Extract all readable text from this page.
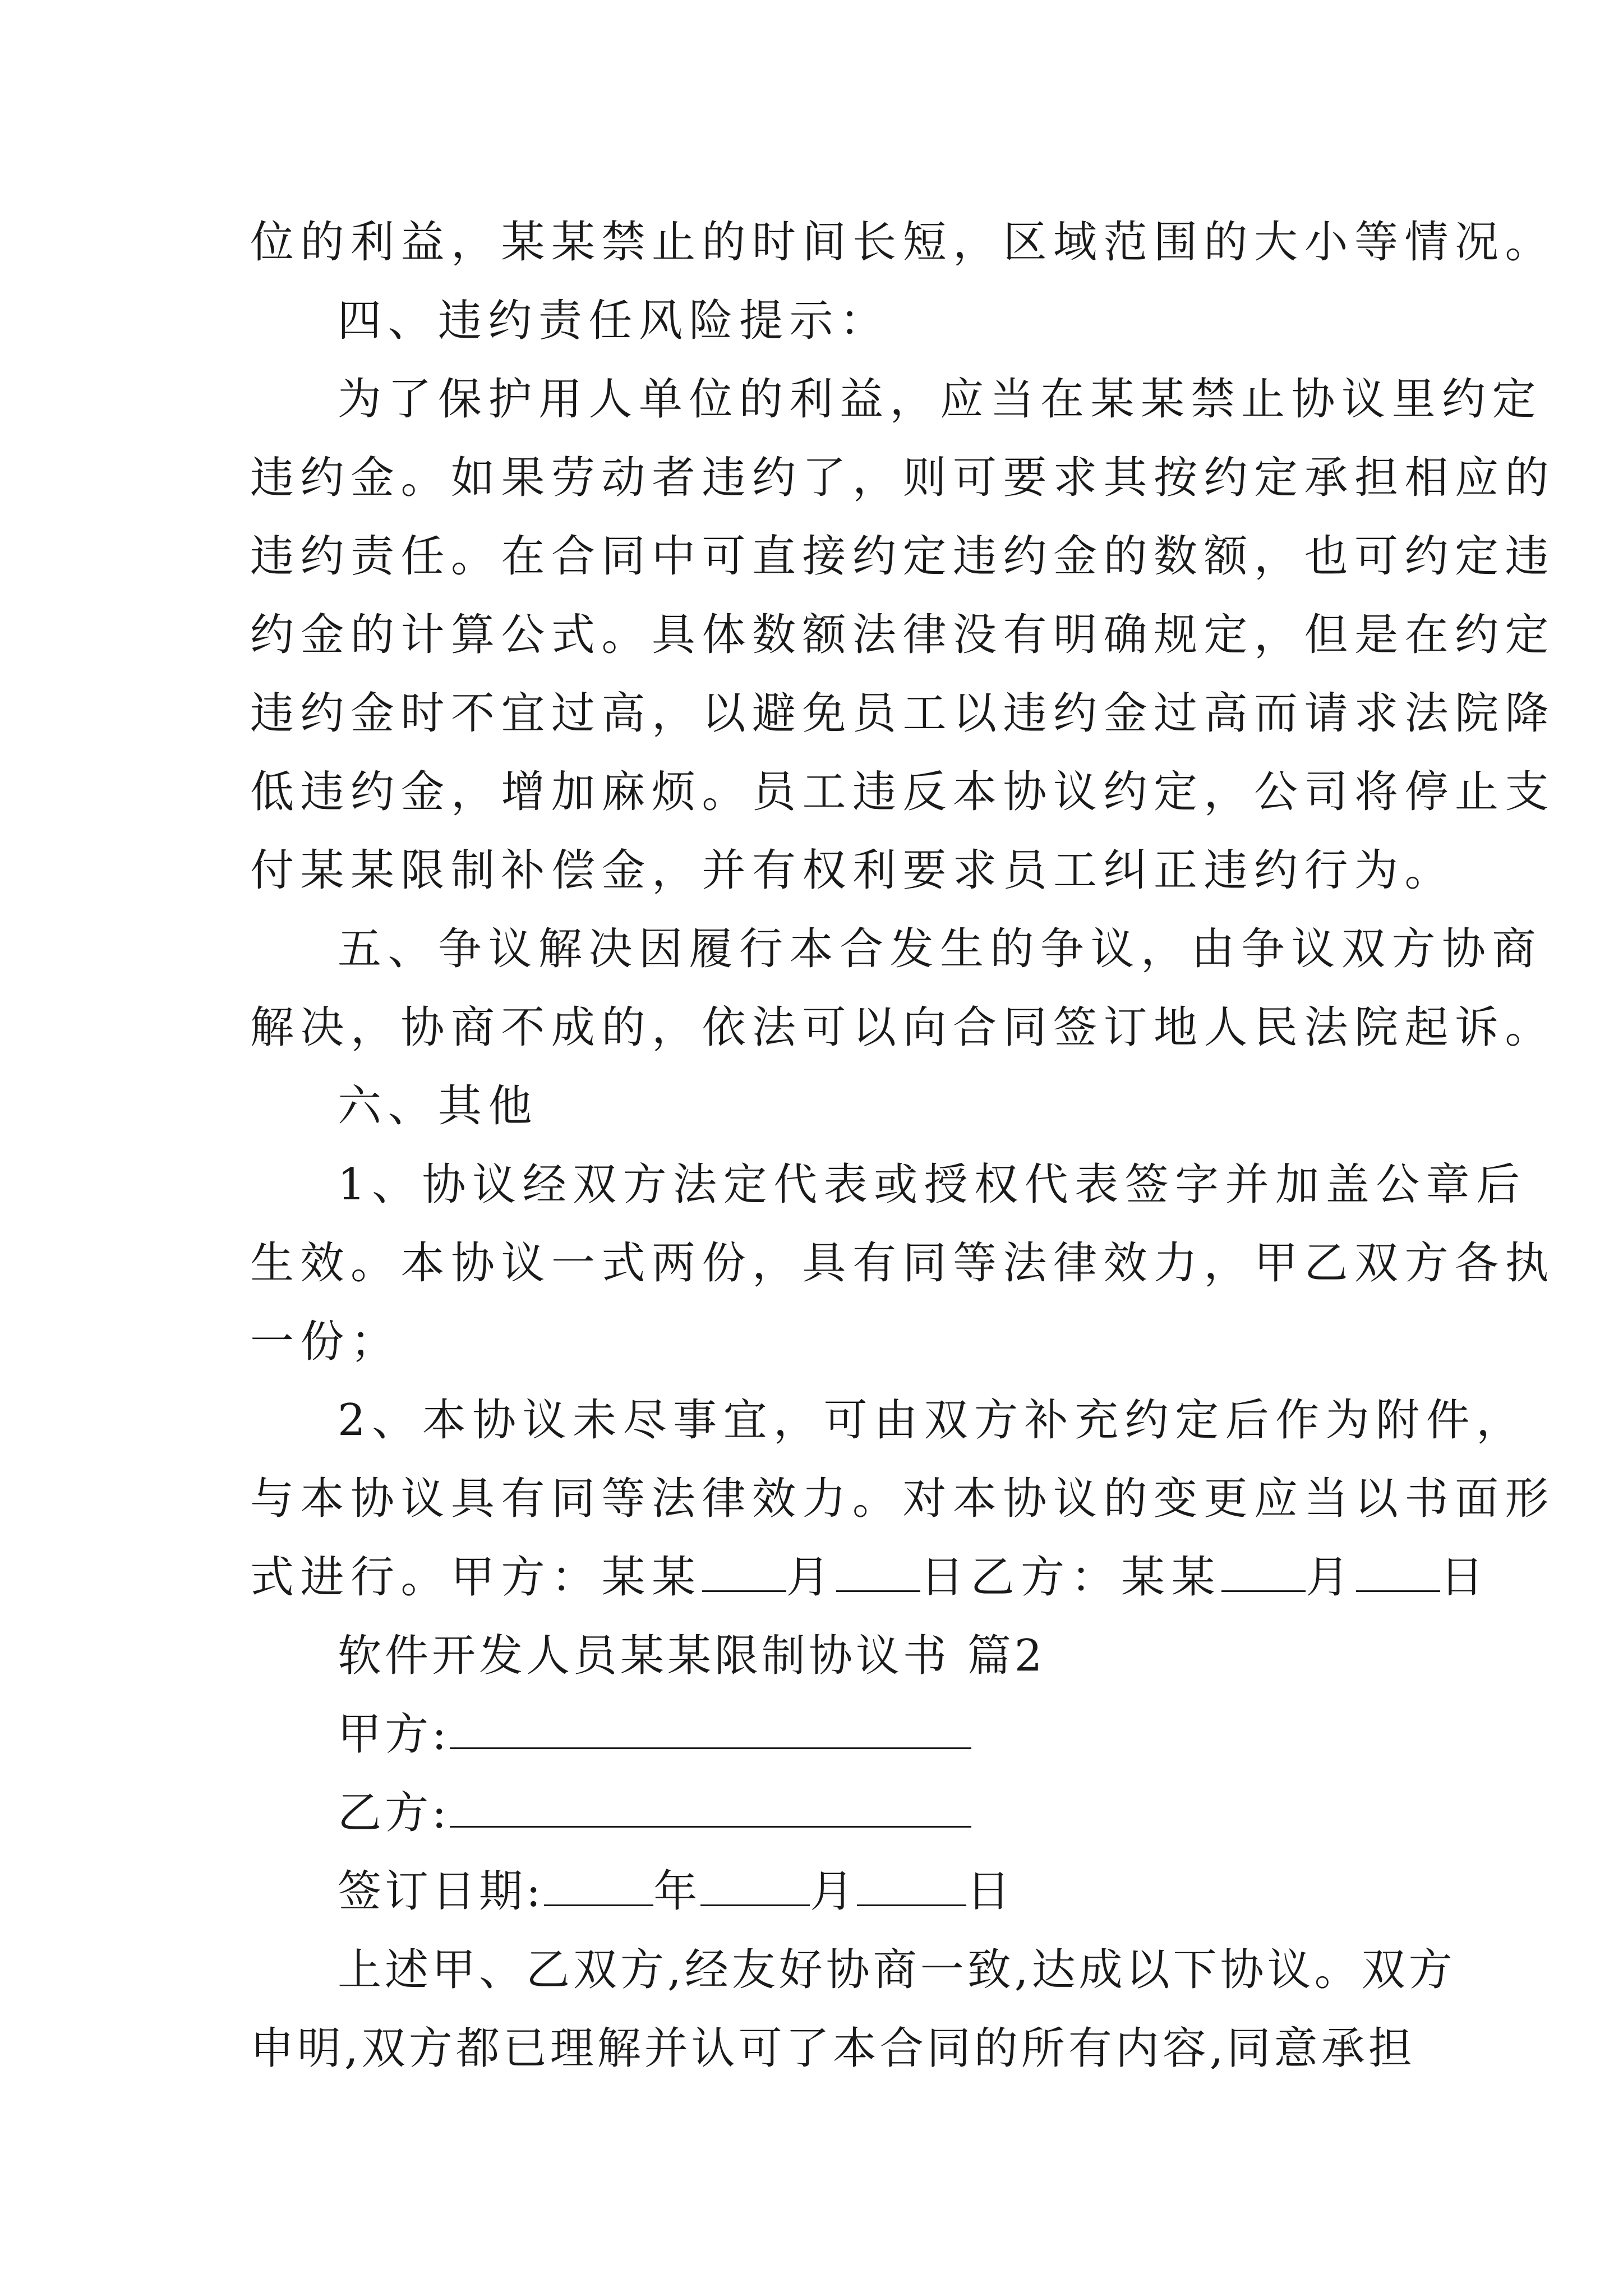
位的利益，某某禁止的时间长短，区域范围的大小等情况。
四、违约责任风险提示：
为了保护用人单位的利益，应当在某某禁止协议里约定
违约金。如果劳动者违约了，则可要求其按约定承担相应的
违约责任。在合同中可直接约定违约金的数额，也可约定违
约金的计算公式。具体数额法律没有明确规定，但是在约定
违约金时不宜过高，以避免员工以违约金过高而请求法院降
低违约金，增加麻烦。员工违反本协议约定，公司将停止支
付某某限制补偿金，并有权利要求员工纠正违约行为。
五、争议解决因履行本合发生的争议，由争议双方协商
解决，协商不成的，依法可以向合同签订地人民法院起诉。
六、其他
1、协议经双方法定代表或授权代表签字并加盖公章后
生效。本协议一式两份，具有同等法律效力，甲乙双方各执
一份；
2、本协议未尽事宜，可由双方补充约定后作为附件，
与本协议具有同等法律效力。对本协议的变更应当以书面形
式进行。甲方：某某 月 日乙方：某某 月 日
软件开发人员某某限制协议书 篇2
甲方:
乙方:
签订日期:	年	月	日
上述甲、乙双方,经友好协商一致,达成以下协议。双方
申明,双方都已理解并认可了本合同的所有内容,同意承担
